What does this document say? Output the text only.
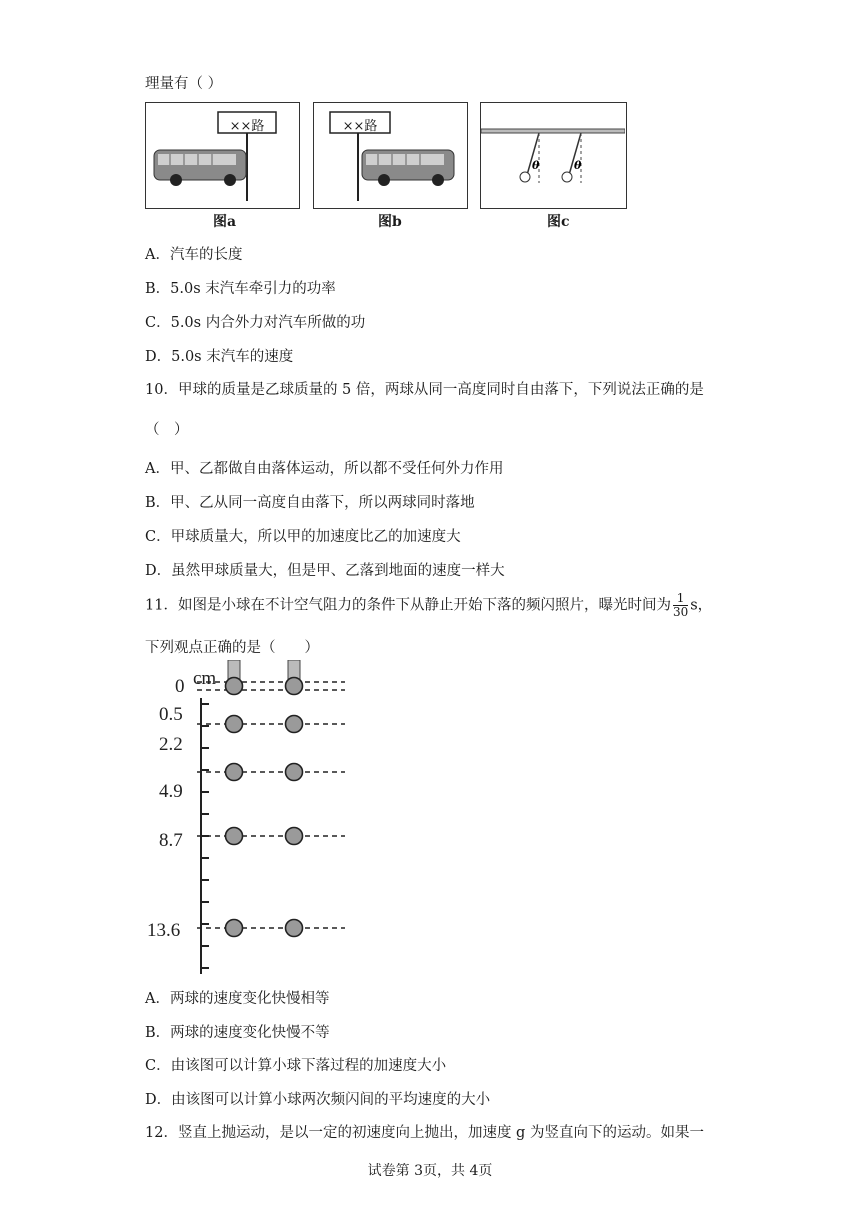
理量有（ ）
××路
图a
××路
图b
θ	θ
图c
A．汽车的长度
B．5.0s 末汽车牵引力的功率
C．5.0s 内合外力对汽车所做的功
D．5.0s 末汽车的速度
10．甲球的质量是乙球质量的 5 倍，两球从同一高度同时自由落下，下列说法正确的是
（　）
A．甲、乙都做自由落体运动，所以都不受任何外力作用
B．甲、乙从同一高度自由落下，所以两球同时落地
C．甲球质量大，所以甲的加速度比乙的加速度大
D．虽然甲球质量大，但是甲、乙落到地面的速度一样大
11．如图是小球在不计空气阻力的条件下从静止开始下落的频闪照片，曝光时间为 $\frac{1}{30}$ s，
下列观点正确的是（　　）
0
0.5
2.2
4.9
8.7
13.6
cm
A．两球的速度变化快慢相等
B．两球的速度变化快慢不等
C．由该图可以计算小球下落过程的加速度大小
D．由该图可以计算小球两次频闪间的平均速度的大小
12．竖直上抛运动，是以一定的初速度向上抛出，加速度 g 为竖直向下的运动。如果一
试卷第 3页，共 4页
